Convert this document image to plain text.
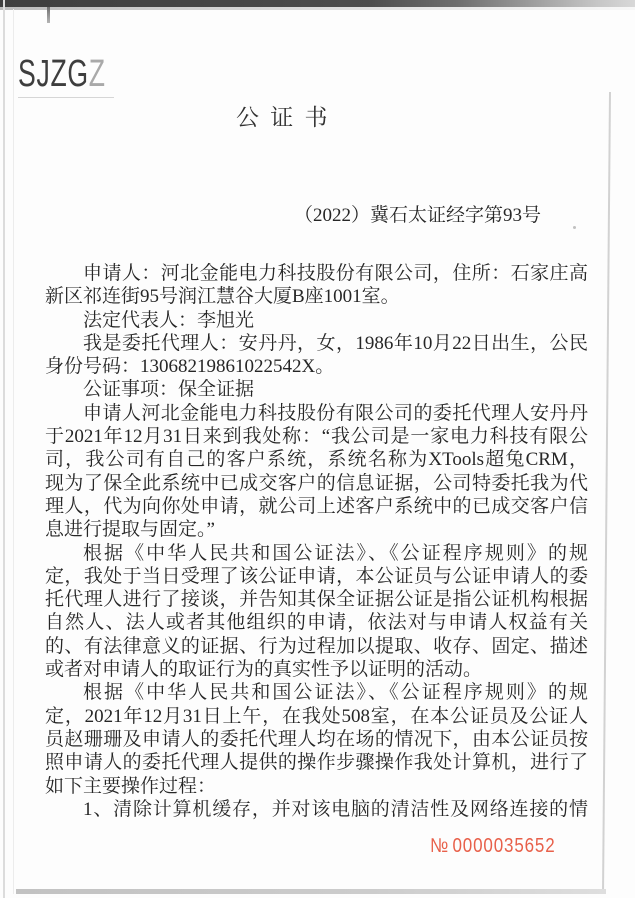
SJZGZ
公 证 书
（2022）冀石太证经字第93号
申请人：河北金能电力科技股份有限公司，住所：石家庄高
新区祁连街95号润江慧谷大厦B座1001室。
法定代表人：李旭光
我是委托代理人：安丹丹，女，1986年10月22日出生，公民
身份号码：13068219861022542X。
公证事项：保全证据
申请人河北金能电力科技股份有限公司的委托代理人安丹丹
于2021年12月31日来到我处称：“我公司是一家电力科技有限公
司，我公司有自己的客户系统，系统名称为XTools超兔CRM，
现为了保全此系统中已成交客户的信息证据，公司特委托我为代
理人，代为向你处申请，就公司上述客户系统中的已成交客户信
息进行提取与固定。”
根据《中华人民共和国公证法》、《公证程序规则》的规
定，我处于当日受理了该公证申请，本公证员与公证申请人的委
托代理人进行了接谈，并告知其保全证据公证是指公证机构根据
自然人、法人或者其他组织的申请，依法对与申请人权益有关
的、有法律意义的证据、行为过程加以提取、收存、固定、描述
或者对申请人的取证行为的真实性予以证明的活动。
根据《中华人民共和国公证法》、《公证程序规则》的规
定，2021年12月31日上午，在我处508室，在本公证员及公证人
员赵珊珊及申请人的委托代理人均在场的情况下，由本公证员按
照申请人的委托代理人提供的操作步骤操作我处计算机，进行了
如下主要操作过程：
1、清除计算机缓存，并对该电脑的清洁性及网络连接的情
№ 0000035652
